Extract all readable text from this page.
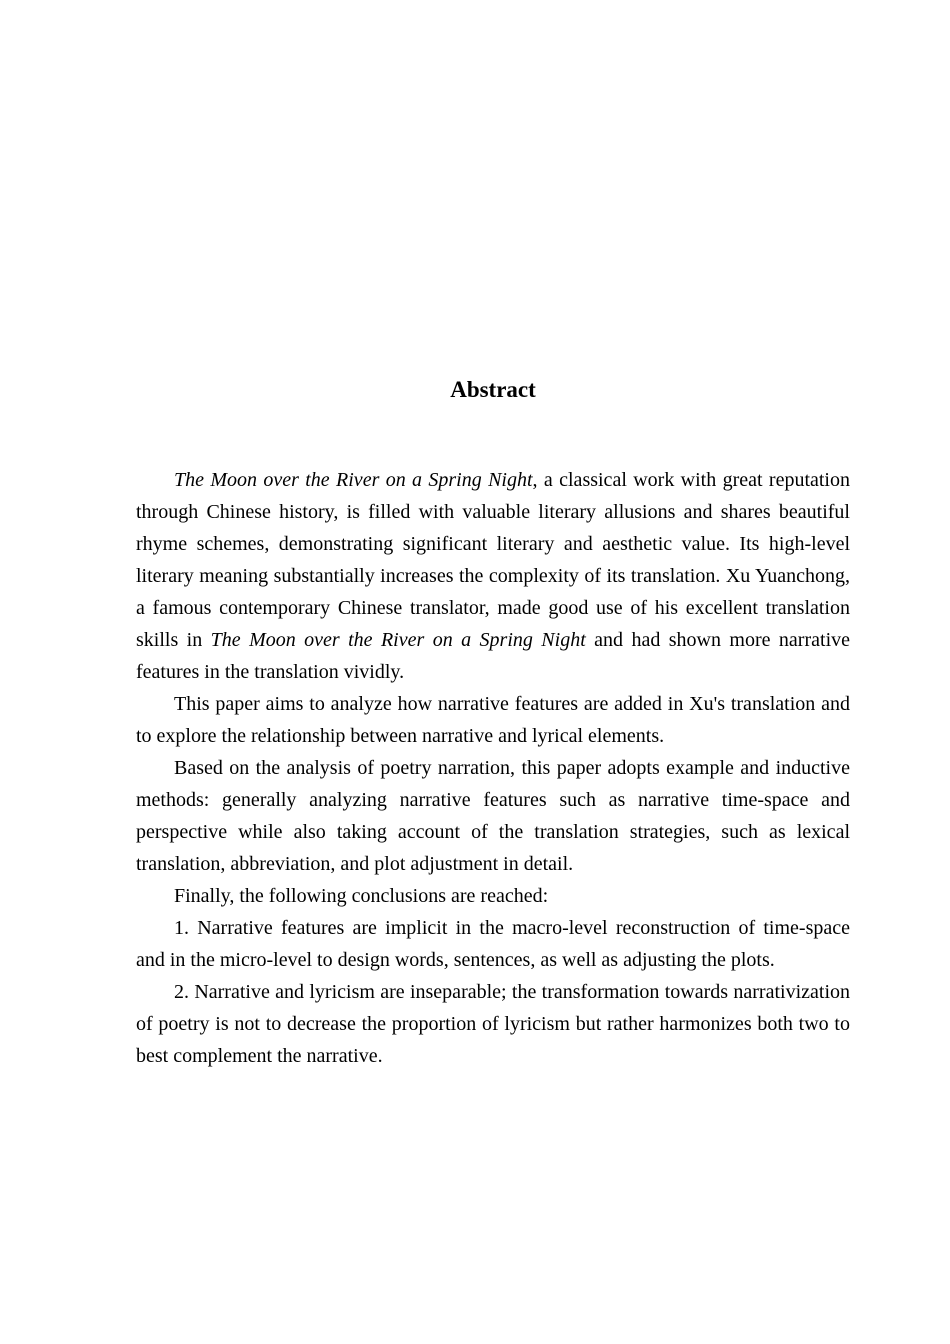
Abstract

The Moon over the River on a Spring Night, a classical work with great reputation through Chinese history, is filled with valuable literary allusions and shares beautiful rhyme schemes, demonstrating significant literary and aesthetic value. Its high-level literary meaning substantially increases the complexity of its translation. Xu Yuanchong, a famous contemporary Chinese translator, made good use of his excellent translation skills in The Moon over the River on a Spring Night and had shown more narrative features in the translation vividly.

This paper aims to analyze how narrative features are added in Xu's translation and to explore the relationship between narrative and lyrical elements.

Based on the analysis of poetry narration, this paper adopts example and inductive methods: generally analyzing narrative features such as narrative time-space and perspective while also taking account of the translation strategies, such as lexical translation, abbreviation, and plot adjustment in detail.

Finally, the following conclusions are reached:

1. Narrative features are implicit in the macro-level reconstruction of time-space and in the micro-level to design words, sentences, as well as adjusting the plots.

2. Narrative and lyricism are inseparable; the transformation towards narrativization of poetry is not to decrease the proportion of lyricism but rather harmonizes both two to best complement the narrative.
